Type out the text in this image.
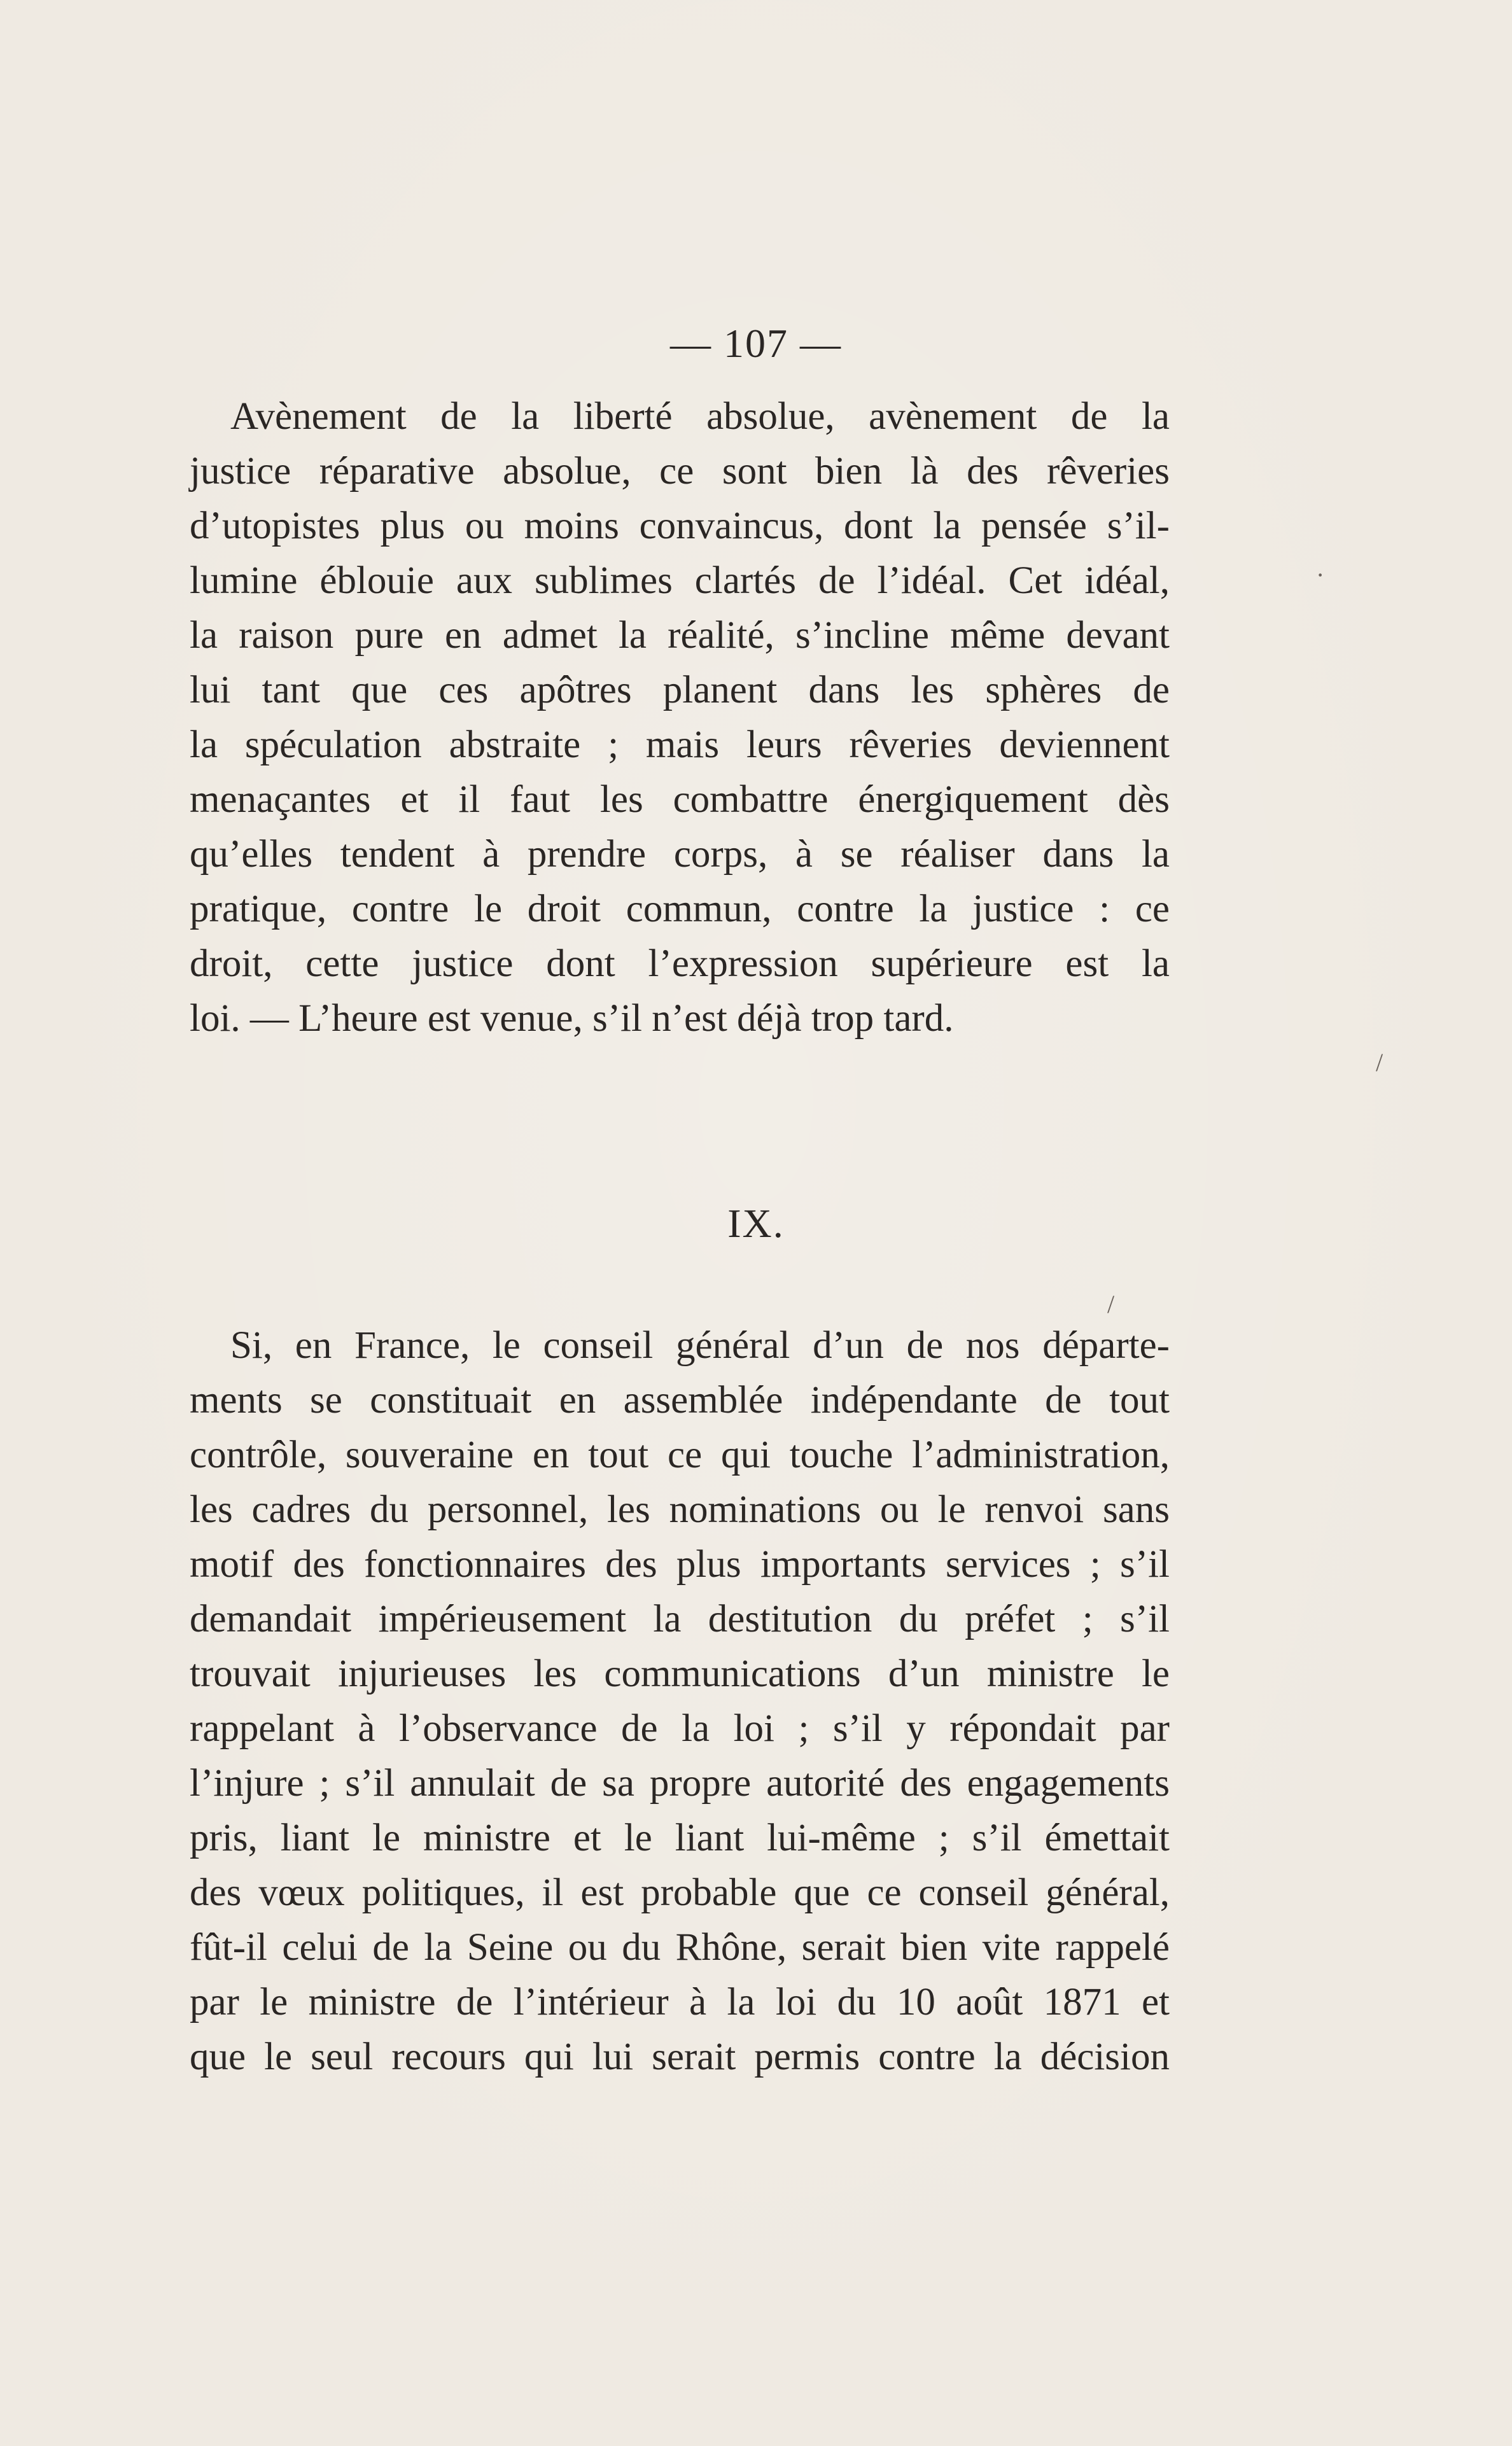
— 107 —
Avènement de la liberté absolue, avènement de la
justice réparative absolue, ce sont bien là des rêveries
d’utopistes plus ou moins convaincus, dont la pensée s’il-
lumine éblouie aux sublimes clartés de l’idéal. Cet idéal,
la raison pure en admet la réalité, s’incline même devant
lui tant que ces apôtres planent dans les sphères de
la spéculation abstraite ; mais leurs rêveries deviennent
menaçantes et il faut les combattre énergiquement dès
qu’elles tendent à prendre corps, à se réaliser dans la
pratique, contre le droit commun, contre la justice : ce
droit, cette justice dont l’expression supérieure est la
loi. — L’heure est venue, s’il n’est déjà trop tard.
IX.
Si, en France, le conseil général d’un de nos départe-
ments se constituait en assemblée indépendante de tout
contrôle, souveraine en tout ce qui touche l’administration,
les cadres du personnel, les nominations ou le renvoi sans
motif des fonctionnaires des plus importants services ; s’il
demandait impérieusement la destitution du préfet ; s’il
trouvait injurieuses les communications d’un ministre le
rappelant à l’observance de la loi ; s’il y répondait par
l’injure ; s’il annulait de sa propre autorité des engagements
pris, liant le ministre et le liant lui-même ; s’il émettait
des vœux politiques, il est probable que ce conseil général,
fût-il celui de la Seine ou du Rhône, serait bien vite rappelé
par le ministre de l’intérieur à la loi du 10 août 1871 et
que le seul recours qui lui serait permis contre la décision
·
/
/
